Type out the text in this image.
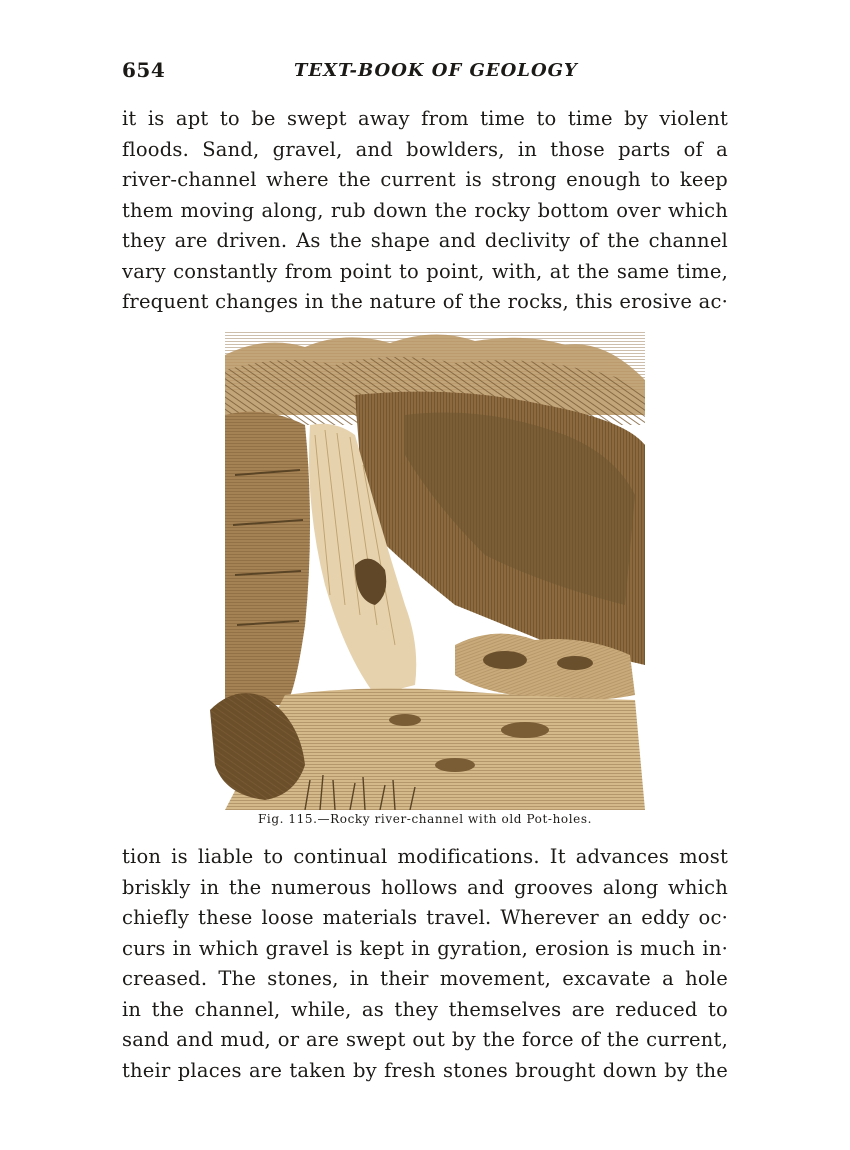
654	TEXT-BOOK OF GEOLOGY

it is apt to be swept away from time to time by violent
floods. Sand, gravel, and bowlders, in those parts of a
river-channel where the current is strong enough to keep
them moving along, rub down the rocky bottom over which
they are driven. As the shape and declivity of the channel
vary constantly from point to point, with, at the same time,
frequent changes in the nature of the rocks, this erosive ac·

Fig. 115.—Rocky river-channel with old Pot-holes.

tion is liable to continual modifications. It advances most
briskly in the numerous hollows and grooves along which
chiefly these loose materials travel. Wherever an eddy oc·
curs in which gravel is kept in gyration, erosion is much in·
creased. The stones, in their movement, excavate a hole
in the channel, while, as they themselves are reduced to
sand and mud, or are swept out by the force of the current,
their places are taken by fresh stones brought down by the
